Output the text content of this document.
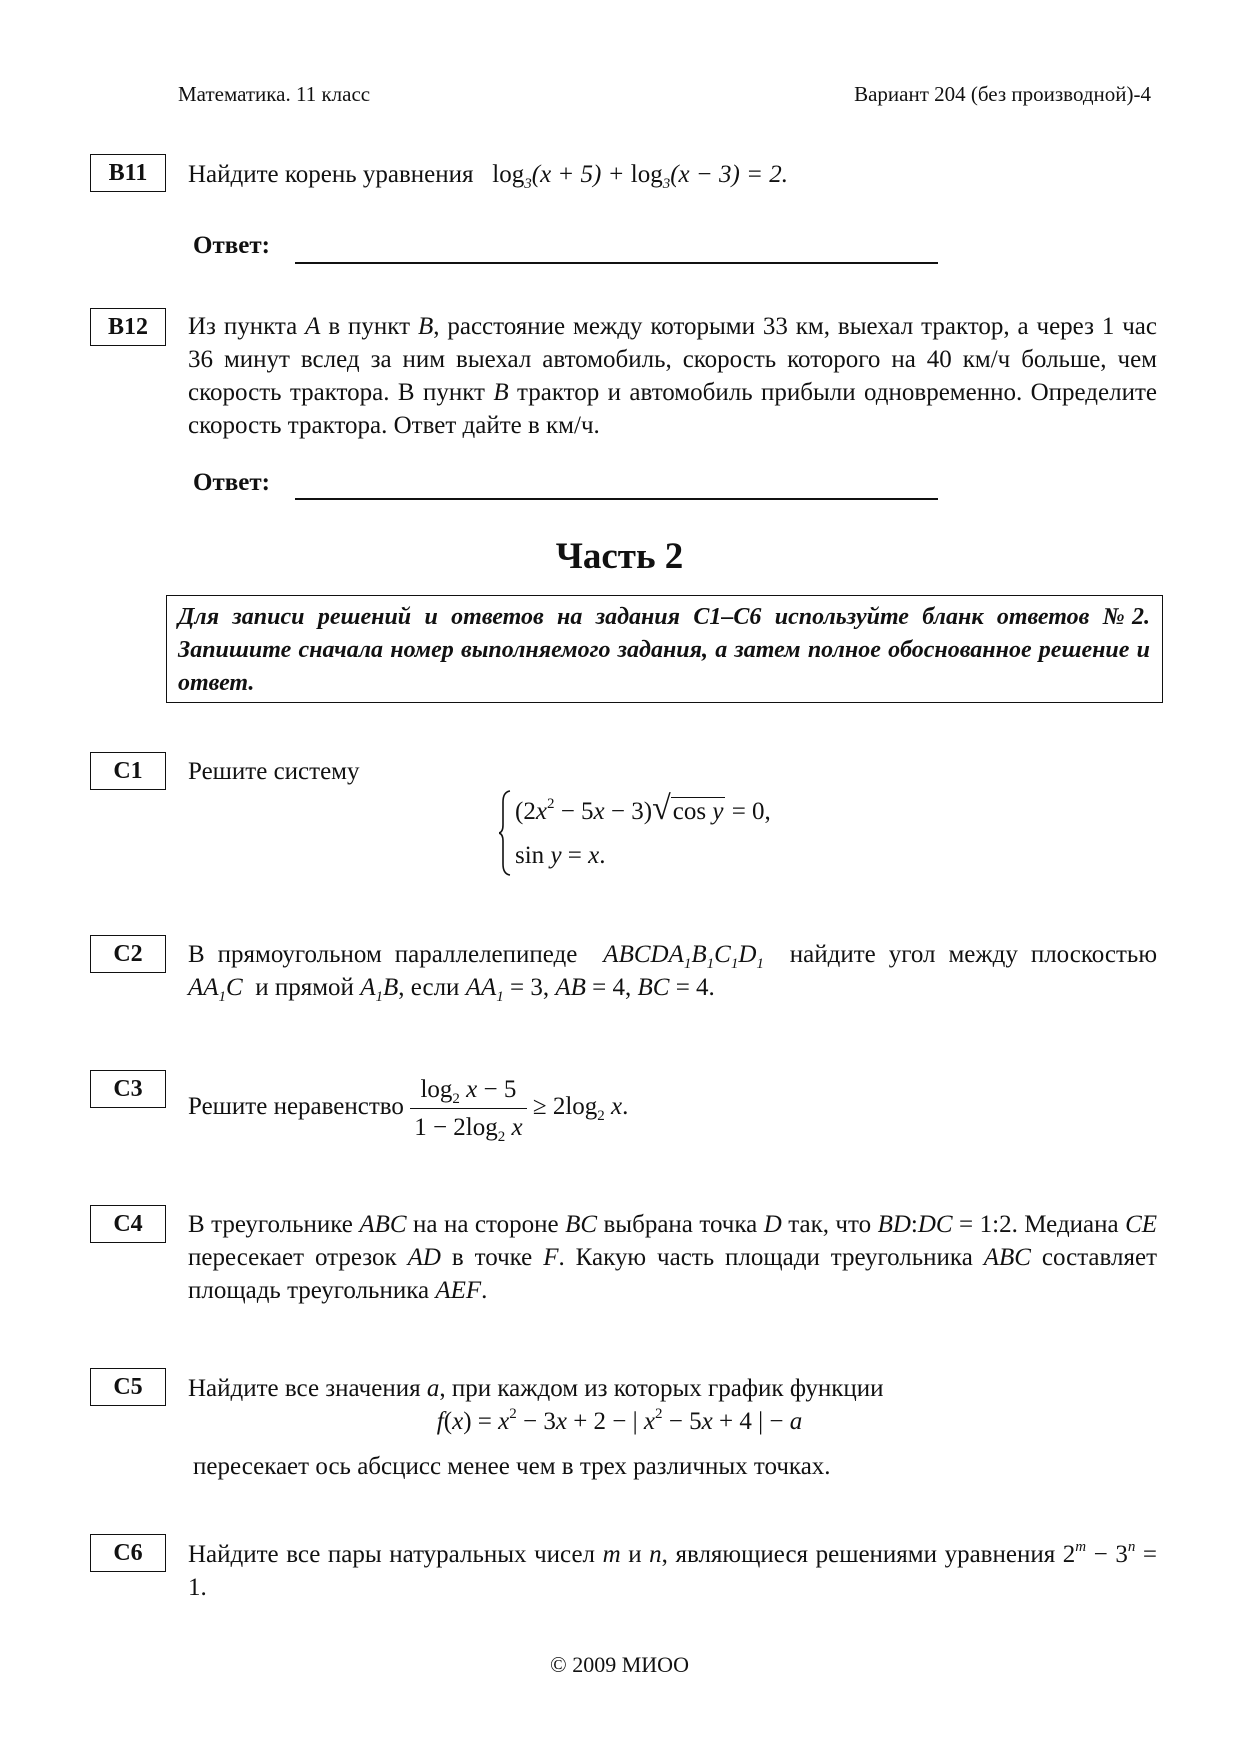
Математика. 11 класс	Вариант 204 (без производной)-4
B11	Найдите корень уравнения $\log_3(x + 5) + \log_3(x - 3) = 2$.
Ответ:
B12	Из пункта A в пункт B, расстояние между которыми 33 км, выехал трактор, а через 1 час 36 минут вслед за ним выехал автомобиль, скорость которого на 40 км/ч больше, чем скорость трактора. В пункт B трактор и автомобиль прибыли одновременно. Определите скорость трактора. Ответ дайте в км/ч.
Ответ:
Часть 2
Для записи решений и ответов на задания С1–С6 используйте бланк ответов №2. Запишите сначала номер выполняемого задания, а затем полное обоснованное решение и ответ.
C1	Решите систему
$(2x^2 - 5x - 3)√\cos$ y = 0,
sin y = x.
C2	В прямоугольном параллелепипеде $ABCDA_1B_1C_1D_1$ найдите угол между плоскостью $AA_1C$ и прямой $A_1B$, если $AA_1 = 3$, AB = 4, BC = 4.
C3
Решите неравенство $\frac{\log_2 x - 5}{1 - 2\log_2 x} \ge 2\log_2$ x.
C4	В треугольнике ABC на на стороне BC выбрана точка D так, что BD:DC = 1:2. Медиана CE пересекает отрезок AD в точке F. Какую часть площади треугольника ABC составляет площадь треугольника AEF.
C5	Найдите все значения a, при каждом из которых график функции
$f(x) = x^2 - 3x + 2$ − | $x^2 - 5x + 4$ | − a
пересекает ось абсцисс менее чем в трех различных точках.
C6	Найдите все пары натуральных чисел m и n, являющиеся решениями уравнения $2^m - 3^n = 1$.
© 2009 МИОО
